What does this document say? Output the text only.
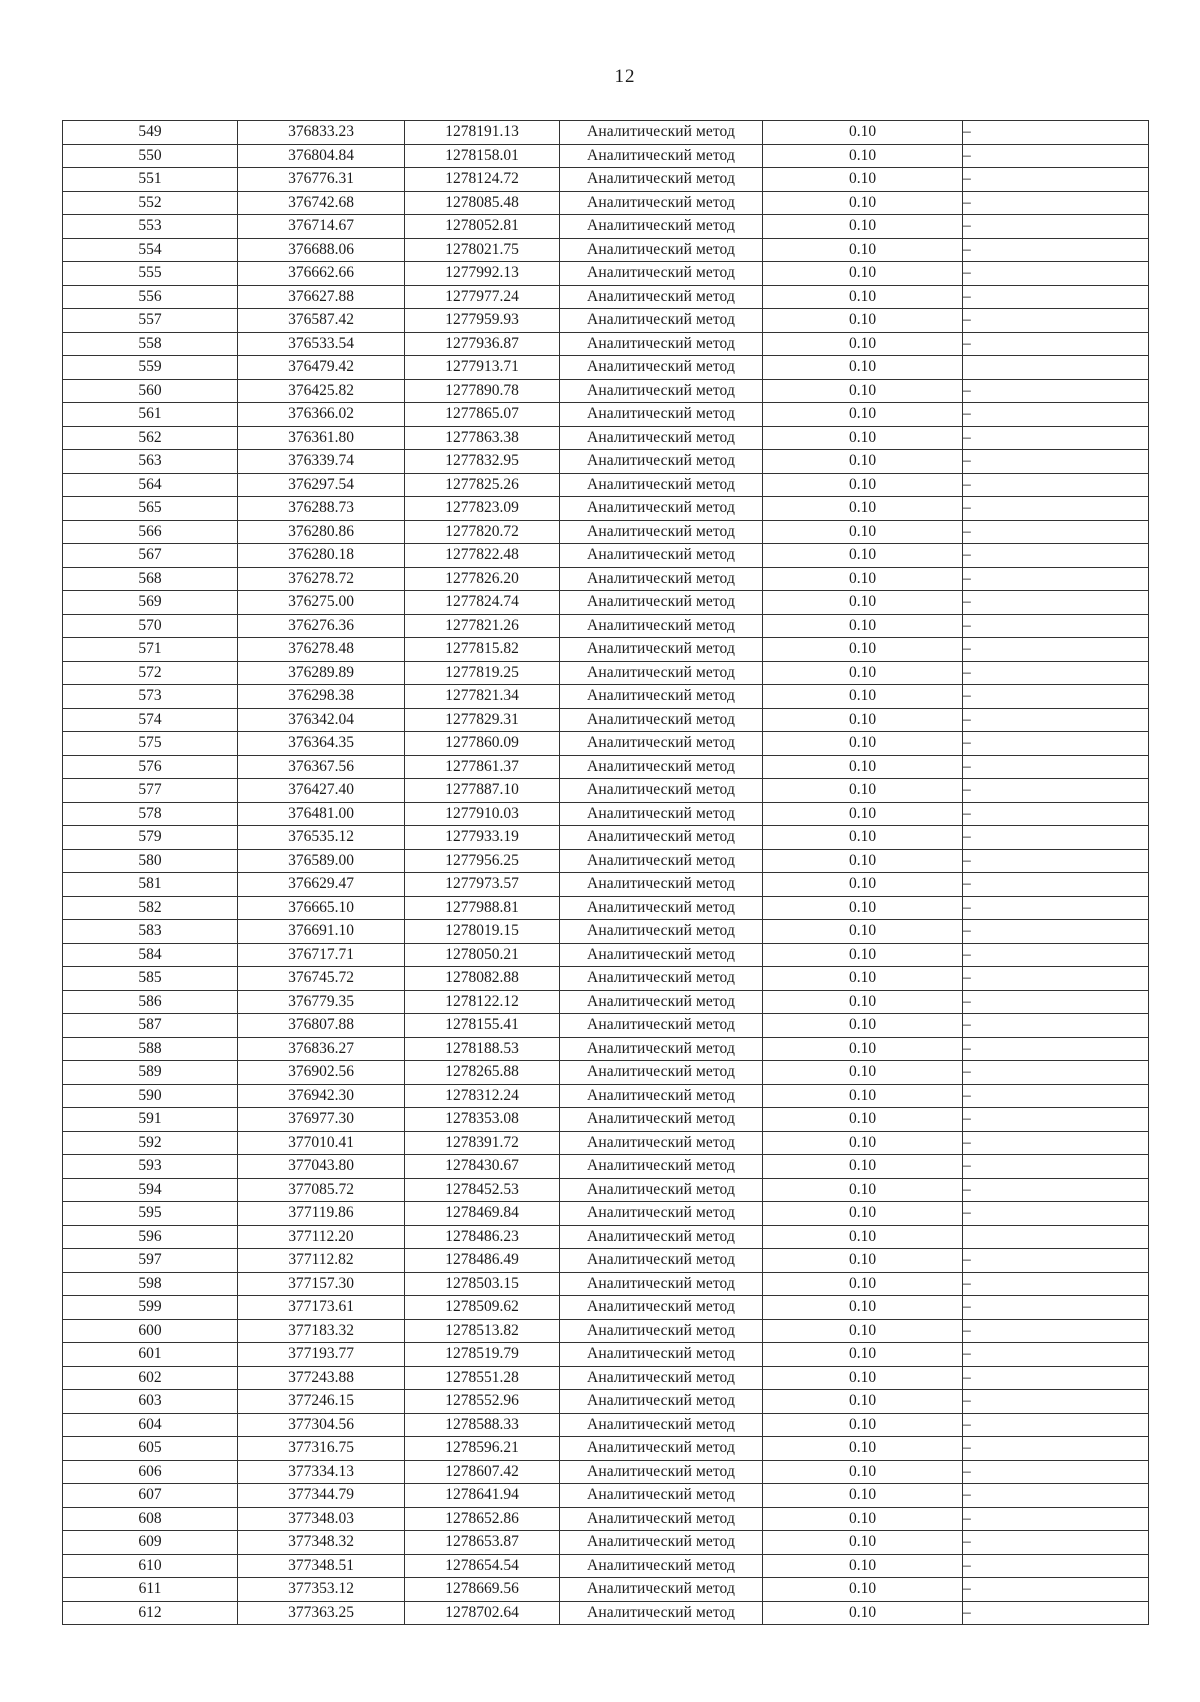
12
549	376833.23	1278191.13	Аналитический метод	0.10	–
550	376804.84	1278158.01	Аналитический метод	0.10	–
551	376776.31	1278124.72	Аналитический метод	0.10	–
552	376742.68	1278085.48	Аналитический метод	0.10	–
553	376714.67	1278052.81	Аналитический метод	0.10	–
554	376688.06	1278021.75	Аналитический метод	0.10	–
555	376662.66	1277992.13	Аналитический метод	0.10	–
556	376627.88	1277977.24	Аналитический метод	0.10	–
557	376587.42	1277959.93	Аналитический метод	0.10	–
558	376533.54	1277936.87	Аналитический метод	0.10	–
559	376479.42	1277913.71	Аналитический метод	0.10	
560	376425.82	1277890.78	Аналитический метод	0.10	–
561	376366.02	1277865.07	Аналитический метод	0.10	–
562	376361.80	1277863.38	Аналитический метод	0.10	–
563	376339.74	1277832.95	Аналитический метод	0.10	–
564	376297.54	1277825.26	Аналитический метод	0.10	–
565	376288.73	1277823.09	Аналитический метод	0.10	–
566	376280.86	1277820.72	Аналитический метод	0.10	–
567	376280.18	1277822.48	Аналитический метод	0.10	–
568	376278.72	1277826.20	Аналитический метод	0.10	–
569	376275.00	1277824.74	Аналитический метод	0.10	–
570	376276.36	1277821.26	Аналитический метод	0.10	–
571	376278.48	1277815.82	Аналитический метод	0.10	–
572	376289.89	1277819.25	Аналитический метод	0.10	–
573	376298.38	1277821.34	Аналитический метод	0.10	–
574	376342.04	1277829.31	Аналитический метод	0.10	–
575	376364.35	1277860.09	Аналитический метод	0.10	–
576	376367.56	1277861.37	Аналитический метод	0.10	–
577	376427.40	1277887.10	Аналитический метод	0.10	–
578	376481.00	1277910.03	Аналитический метод	0.10	–
579	376535.12	1277933.19	Аналитический метод	0.10	–
580	376589.00	1277956.25	Аналитический метод	0.10	–
581	376629.47	1277973.57	Аналитический метод	0.10	–
582	376665.10	1277988.81	Аналитический метод	0.10	–
583	376691.10	1278019.15	Аналитический метод	0.10	–
584	376717.71	1278050.21	Аналитический метод	0.10	–
585	376745.72	1278082.88	Аналитический метод	0.10	–
586	376779.35	1278122.12	Аналитический метод	0.10	–
587	376807.88	1278155.41	Аналитический метод	0.10	–
588	376836.27	1278188.53	Аналитический метод	0.10	–
589	376902.56	1278265.88	Аналитический метод	0.10	–
590	376942.30	1278312.24	Аналитический метод	0.10	–
591	376977.30	1278353.08	Аналитический метод	0.10	–
592	377010.41	1278391.72	Аналитический метод	0.10	–
593	377043.80	1278430.67	Аналитический метод	0.10	–
594	377085.72	1278452.53	Аналитический метод	0.10	–
595	377119.86	1278469.84	Аналитический метод	0.10	–
596	377112.20	1278486.23	Аналитический метод	0.10	
597	377112.82	1278486.49	Аналитический метод	0.10	–
598	377157.30	1278503.15	Аналитический метод	0.10	–
599	377173.61	1278509.62	Аналитический метод	0.10	–
600	377183.32	1278513.82	Аналитический метод	0.10	–
601	377193.77	1278519.79	Аналитический метод	0.10	–
602	377243.88	1278551.28	Аналитический метод	0.10	–
603	377246.15	1278552.96	Аналитический метод	0.10	–
604	377304.56	1278588.33	Аналитический метод	0.10	–
605	377316.75	1278596.21	Аналитический метод	0.10	–
606	377334.13	1278607.42	Аналитический метод	0.10	–
607	377344.79	1278641.94	Аналитический метод	0.10	–
608	377348.03	1278652.86	Аналитический метод	0.10	–
609	377348.32	1278653.87	Аналитический метод	0.10	–
610	377348.51	1278654.54	Аналитический метод	0.10	–
611	377353.12	1278669.56	Аналитический метод	0.10	–
612	377363.25	1278702.64	Аналитический метод	0.10	–
